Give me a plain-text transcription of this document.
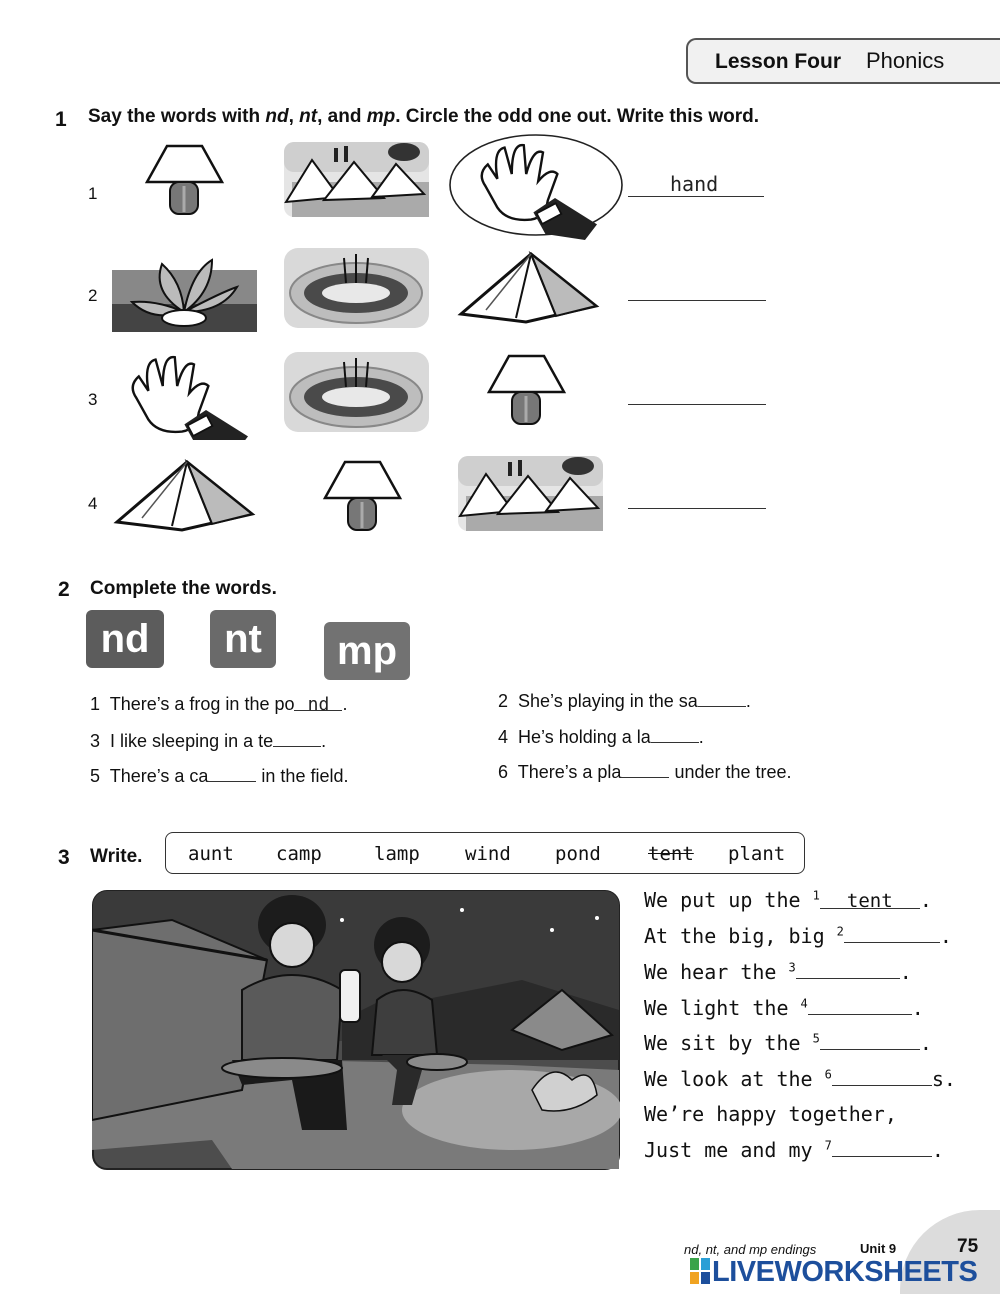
Lesson Four Phonics
1 Say the words with nd, nt, and mp. Circle the odd one out. Write this word.
1	hand
2
3
4
2 Complete the words.
nd	nt	mp
1 There’s a frog in the po nd .	2 She’s playing in the sa	.
3 I like sleeping in a te	.	4 He’s holding a la	.
5 There’s a ca	in the field.	6 There’s a pla	under the tree.
3 Write. aunt camp	lamp wind pond tent plant
We put up the $^1$ tent .
At the big, big $^2$	.
We hear the $^3$	.
We light the $^4$	.
We sit by the $^5$	.
We look at the $^6$	s.
We’re happy together,
Just me and my $^7$	.
nd, nt, and mp endings	Unit 9	75
LIVEWORKSHEETS
